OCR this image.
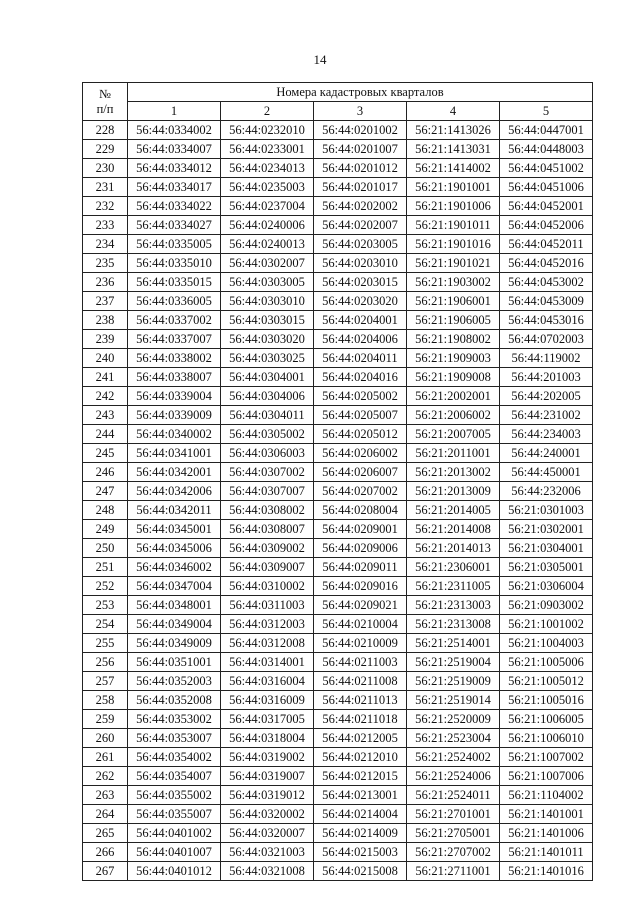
14
№
п/п	Номера кадастровых кварталов				
	1	2	3	4	5
228	56:44:0334002	56:44:0232010	56:44:0201002	56:21:1413026	56:44:0447001
229	56:44:0334007	56:44:0233001	56:44:0201007	56:21:1413031	56:44:0448003
230	56:44:0334012	56:44:0234013	56:44:0201012	56:21:1414002	56:44:0451002
231	56:44:0334017	56:44:0235003	56:44:0201017	56:21:1901001	56:44:0451006
232	56:44:0334022	56:44:0237004	56:44:0202002	56:21:1901006	56:44:0452001
233	56:44:0334027	56:44:0240006	56:44:0202007	56:21:1901011	56:44:0452006
234	56:44:0335005	56:44:0240013	56:44:0203005	56:21:1901016	56:44:0452011
235	56:44:0335010	56:44:0302007	56:44:0203010	56:21:1901021	56:44:0452016
236	56:44:0335015	56:44:0303005	56:44:0203015	56:21:1903002	56:44:0453002
237	56:44:0336005	56:44:0303010	56:44:0203020	56:21:1906001	56:44:0453009
238	56:44:0337002	56:44:0303015	56:44:0204001	56:21:1906005	56:44:0453016
239	56:44:0337007	56:44:0303020	56:44:0204006	56:21:1908002	56:44:0702003
240	56:44:0338002	56:44:0303025	56:44:0204011	56:21:1909003	56:44:119002
241	56:44:0338007	56:44:0304001	56:44:0204016	56:21:1909008	56:44:201003
242	56:44:0339004	56:44:0304006	56:44:0205002	56:21:2002001	56:44:202005
243	56:44:0339009	56:44:0304011	56:44:0205007	56:21:2006002	56:44:231002
244	56:44:0340002	56:44:0305002	56:44:0205012	56:21:2007005	56:44:234003
245	56:44:0341001	56:44:0306003	56:44:0206002	56:21:2011001	56:44:240001
246	56:44:0342001	56:44:0307002	56:44:0206007	56:21:2013002	56:44:450001
247	56:44:0342006	56:44:0307007	56:44:0207002	56:21:2013009	56:44:232006
248	56:44:0342011	56:44:0308002	56:44:0208004	56:21:2014005	56:21:0301003
249	56:44:0345001	56:44:0308007	56:44:0209001	56:21:2014008	56:21:0302001
250	56:44:0345006	56:44:0309002	56:44:0209006	56:21:2014013	56:21:0304001
251	56:44:0346002	56:44:0309007	56:44:0209011	56:21:2306001	56:21:0305001
252	56:44:0347004	56:44:0310002	56:44:0209016	56:21:2311005	56:21:0306004
253	56:44:0348001	56:44:0311003	56:44:0209021	56:21:2313003	56:21:0903002
254	56:44:0349004	56:44:0312003	56:44:0210004	56:21:2313008	56:21:1001002
255	56:44:0349009	56:44:0312008	56:44:0210009	56:21:2514001	56:21:1004003
256	56:44:0351001	56:44:0314001	56:44:0211003	56:21:2519004	56:21:1005006
257	56:44:0352003	56:44:0316004	56:44:0211008	56:21:2519009	56:21:1005012
258	56:44:0352008	56:44:0316009	56:44:0211013	56:21:2519014	56:21:1005016
259	56:44:0353002	56:44:0317005	56:44:0211018	56:21:2520009	56:21:1006005
260	56:44:0353007	56:44:0318004	56:44:0212005	56:21:2523004	56:21:1006010
261	56:44:0354002	56:44:0319002	56:44:0212010	56:21:2524002	56:21:1007002
262	56:44:0354007	56:44:0319007	56:44:0212015	56:21:2524006	56:21:1007006
263	56:44:0355002	56:44:0319012	56:44:0213001	56:21:2524011	56:21:1104002
264	56:44:0355007	56:44:0320002	56:44:0214004	56:21:2701001	56:21:1401001
265	56:44:0401002	56:44:0320007	56:44:0214009	56:21:2705001	56:21:1401006
266	56:44:0401007	56:44:0321003	56:44:0215003	56:21:2707002	56:21:1401011
267	56:44:0401012	56:44:0321008	56:44:0215008	56:21:2711001	56:21:1401016
